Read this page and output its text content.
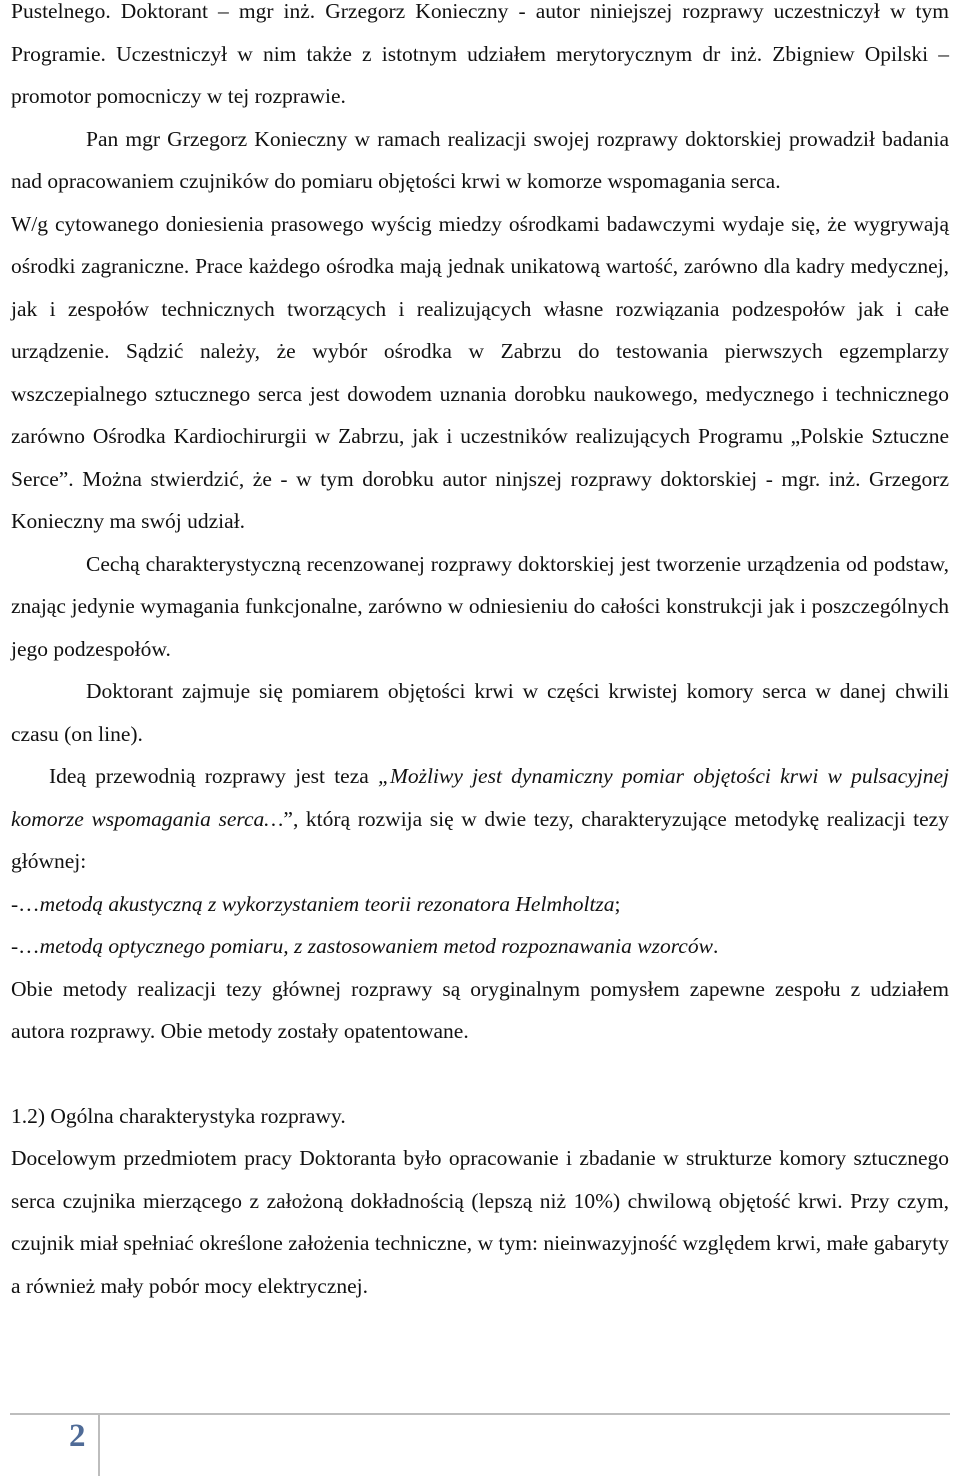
Pustelnego. Doktorant – mgr inż. Grzegorz Konieczny - autor niniejszej rozprawy uczestniczył w tym Programie. Uczestniczył w nim także z istotnym udziałem merytorycznym dr inż. Zbigniew Opilski – promotor pomocniczy w tej rozprawie.

Pan mgr Grzegorz Konieczny w ramach realizacji swojej rozprawy doktorskiej prowadził badania nad opracowaniem czujników do pomiaru objętości krwi w komorze wspomagania serca.

W/g cytowanego doniesienia prasowego wyścig miedzy ośrodkami badawczymi wydaje się, że wygrywają ośrodki zagraniczne. Prace każdego ośrodka mają jednak unikatową wartość, zarówno dla kadry medycznej, jak i zespołów technicznych tworzących i realizujących własne rozwiązania podzespołów jak i całe urządzenie. Sądzić należy, że wybór ośrodka w Zabrzu do testowania pierwszych egzemplarzy wszczepialnego sztucznego serca jest dowodem uznania dorobku naukowego, medycznego i technicznego zarówno Ośrodka Kardiochirurgii w Zabrzu, jak i uczestników realizujących Programu „Polskie Sztuczne Serce”. Można stwierdzić, że - w tym dorobku autor ninjszej rozprawy doktorskiej - mgr. inż. Grzegorz Konieczny ma swój udział.

Cechą charakterystyczną recenzowanej rozprawy doktorskiej jest tworzenie urządzenia od podstaw, znając jedynie wymagania funkcjonalne, zarówno w odniesieniu do całości konstrukcji jak i poszczególnych jego podzespołów.

Doktorant zajmuje się pomiarem objętości krwi w części krwistej komory serca w danej chwili czasu (on line).

Ideą przewodnią rozprawy jest teza „Możliwy jest dynamiczny pomiar objętości krwi w pulsacyjnej komorze wspomagania serca…”, którą rozwija się w dwie tezy, charakteryzujące metodykę realizacji tezy głównej:

-…metodą akustyczną z wykorzystaniem teorii rezonatora Helmholtza;

-…metodą optycznego pomiaru, z zastosowaniem metod rozpoznawania wzorców.

Obie metody realizacji tezy głównej rozprawy są oryginalnym pomysłem zapewne zespołu z udziałem autora rozprawy. Obie metody zostały opatentowane.

1.2) Ogólna charakterystyka rozprawy.

Docelowym przedmiotem pracy Doktoranta było opracowanie i zbadanie w strukturze komory sztucznego serca czujnika mierzącego z założoną dokładnością (lepszą niż 10%) chwilową objętość krwi. Przy czym, czujnik miał spełniać określone założenia techniczne, w tym: nieinwazyjność względem krwi, małe gabaryty a również mały pobór mocy elektrycznej.

2
